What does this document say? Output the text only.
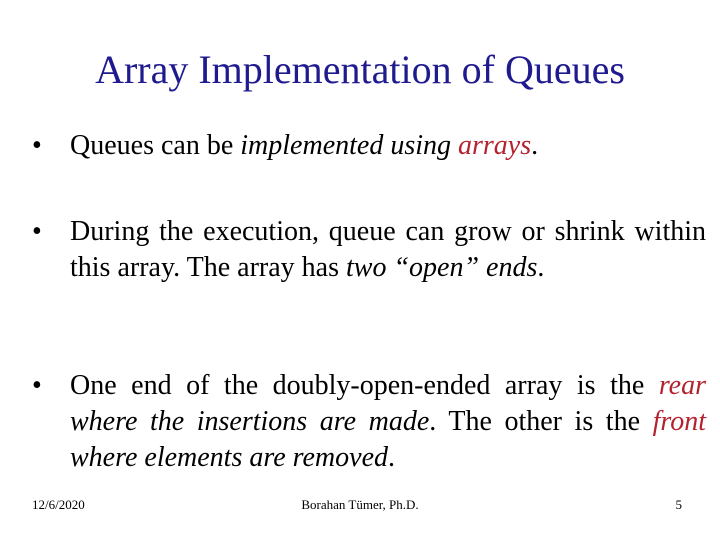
Array Implementation of Queues
• Queues can be implemented using arrays.
• During the execution, queue can grow or shrink within this array. The array has two “open” ends.
• One end of the doubly-open-ended array is the rear where the insertions are made. The other is the front where elements are removed.
12/6/2020	Borahan Tümer, Ph.D.	5
